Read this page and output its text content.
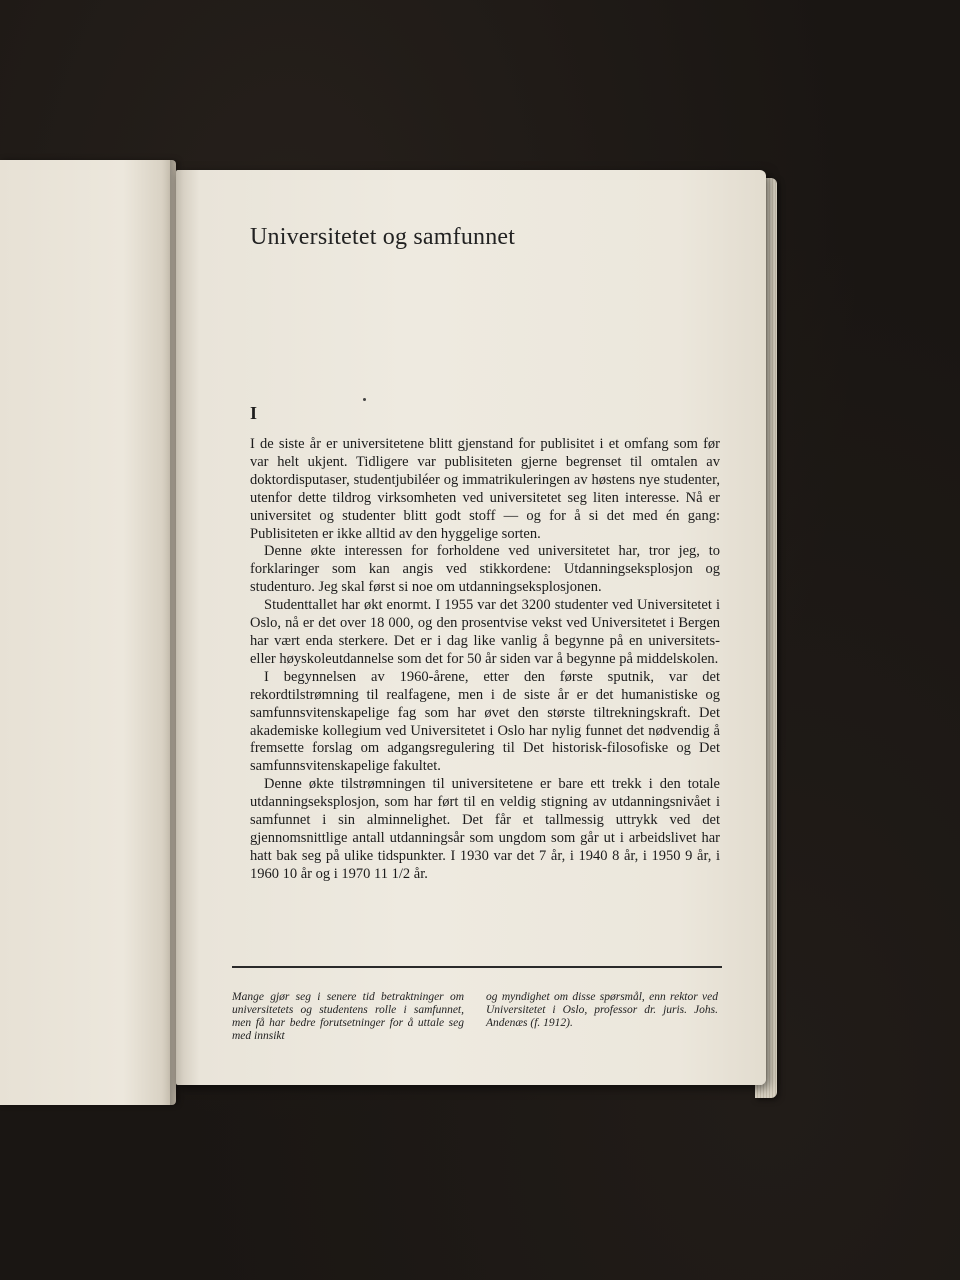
Universitetet og samfunnet
I

I de siste år er universitetene blitt gjenstand for publisitet i et omfang som før var helt ukjent. Tidligere var publisiteten gjerne begrenset til omtalen av doktordisputaser, studentjubiléer og immatrikuleringen av høstens nye studenter, utenfor dette tildrog virksomheten ved universitetet seg liten interesse. Nå er universitet og studenter blitt godt stoff — og for å si det med én gang: Publisiteten er ikke alltid av den hyggelige sorten.

Denne økte interessen for forholdene ved universitetet har, tror jeg, to forklaringer som kan angis ved stikkordene: Utdanningseksplosjon og studenturo. Jeg skal først si noe om utdanningseksplosjonen.

Studenttallet har økt enormt. I 1955 var det 3200 studenter ved Universitetet i Oslo, nå er det over 18 000, og den prosentvise vekst ved Universitetet i Bergen har vært enda sterkere. Det er i dag like vanlig å begynne på en universitets- eller høyskoleutdannelse som det for 50 år siden var å begynne på middelskolen.

I begynnelsen av 1960-årene, etter den første sputnik, var det rekordtilstrømning til realfagene, men i de siste år er det humanistiske og samfunnsvitenskapelige fag som har øvet den største tiltrekningskraft. Det akademiske kollegium ved Universitetet i Oslo har nylig funnet det nødvendig å fremsette forslag om adgangsregulering til Det historisk-filosofiske og Det samfunnsvitenskapelige fakultet.

Denne økte tilstrømningen til universitetene er bare ett trekk i den totale utdanningseksplosjon, som har ført til en veldig stigning av utdanningsnivået i samfunnet i sin alminnelighet. Det får et tallmessig uttrykk ved det gjennomsnittlige antall utdanningsår som ungdom som går ut i arbeidslivet har hatt bak seg på ulike tidspunkter. I 1930 var det 7 år, i 1940 8 år, i 1950 9 år, i 1960 10 år og i 1970 11 1/2 år.

Mange gjør seg i senere tid betraktninger om universitetets og studentens rolle i samfunnet, men få har bedre forutsetninger for å uttale seg med innsikt
og myndighet om disse spørsmål, enn rektor ved Universitetet i Oslo, professor dr. juris. Johs. Andenæs (f. 1912).
